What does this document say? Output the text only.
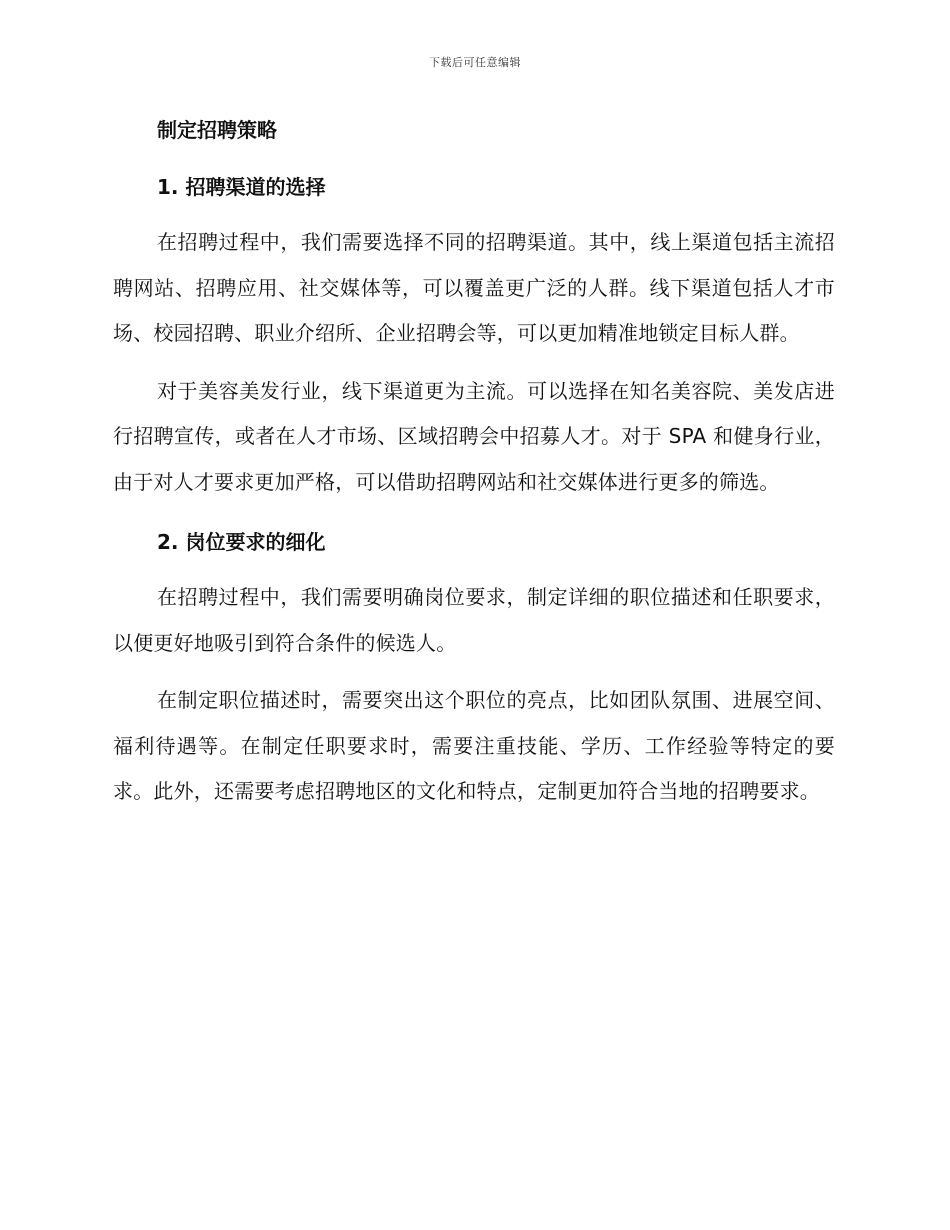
下载后可任意编辑
制定招聘策略
1. 招聘渠道的选择

在招聘过程中，我们需要选择不同的招聘渠道。其中，线上渠道包括主流招聘网站、招聘应用、社交媒体等，可以覆盖更广泛的人群。线下渠道包括人才市场、校园招聘、职业介绍所、企业招聘会等，可以更加精准地锁定目标人群。

对于美容美发行业，线下渠道更为主流。可以选择在知名美容院、美发店进行招聘宣传，或者在人才市场、区域招聘会中招募人才。对于 SPA 和健身行业，由于对人才要求更加严格，可以借助招聘网站和社交媒体进行更多的筛选。

2. 岗位要求的细化

在招聘过程中，我们需要明确岗位要求，制定详细的职位描述和任职要求，以便更好地吸引到符合条件的候选人。

在制定职位描述时，需要突出这个职位的亮点，比如团队氛围、进展空间、福利待遇等。在制定任职要求时，需要注重技能、学历、工作经验等特定的要求。此外，还需要考虑招聘地区的文化和特点，定制更加符合当地的招聘要求。
